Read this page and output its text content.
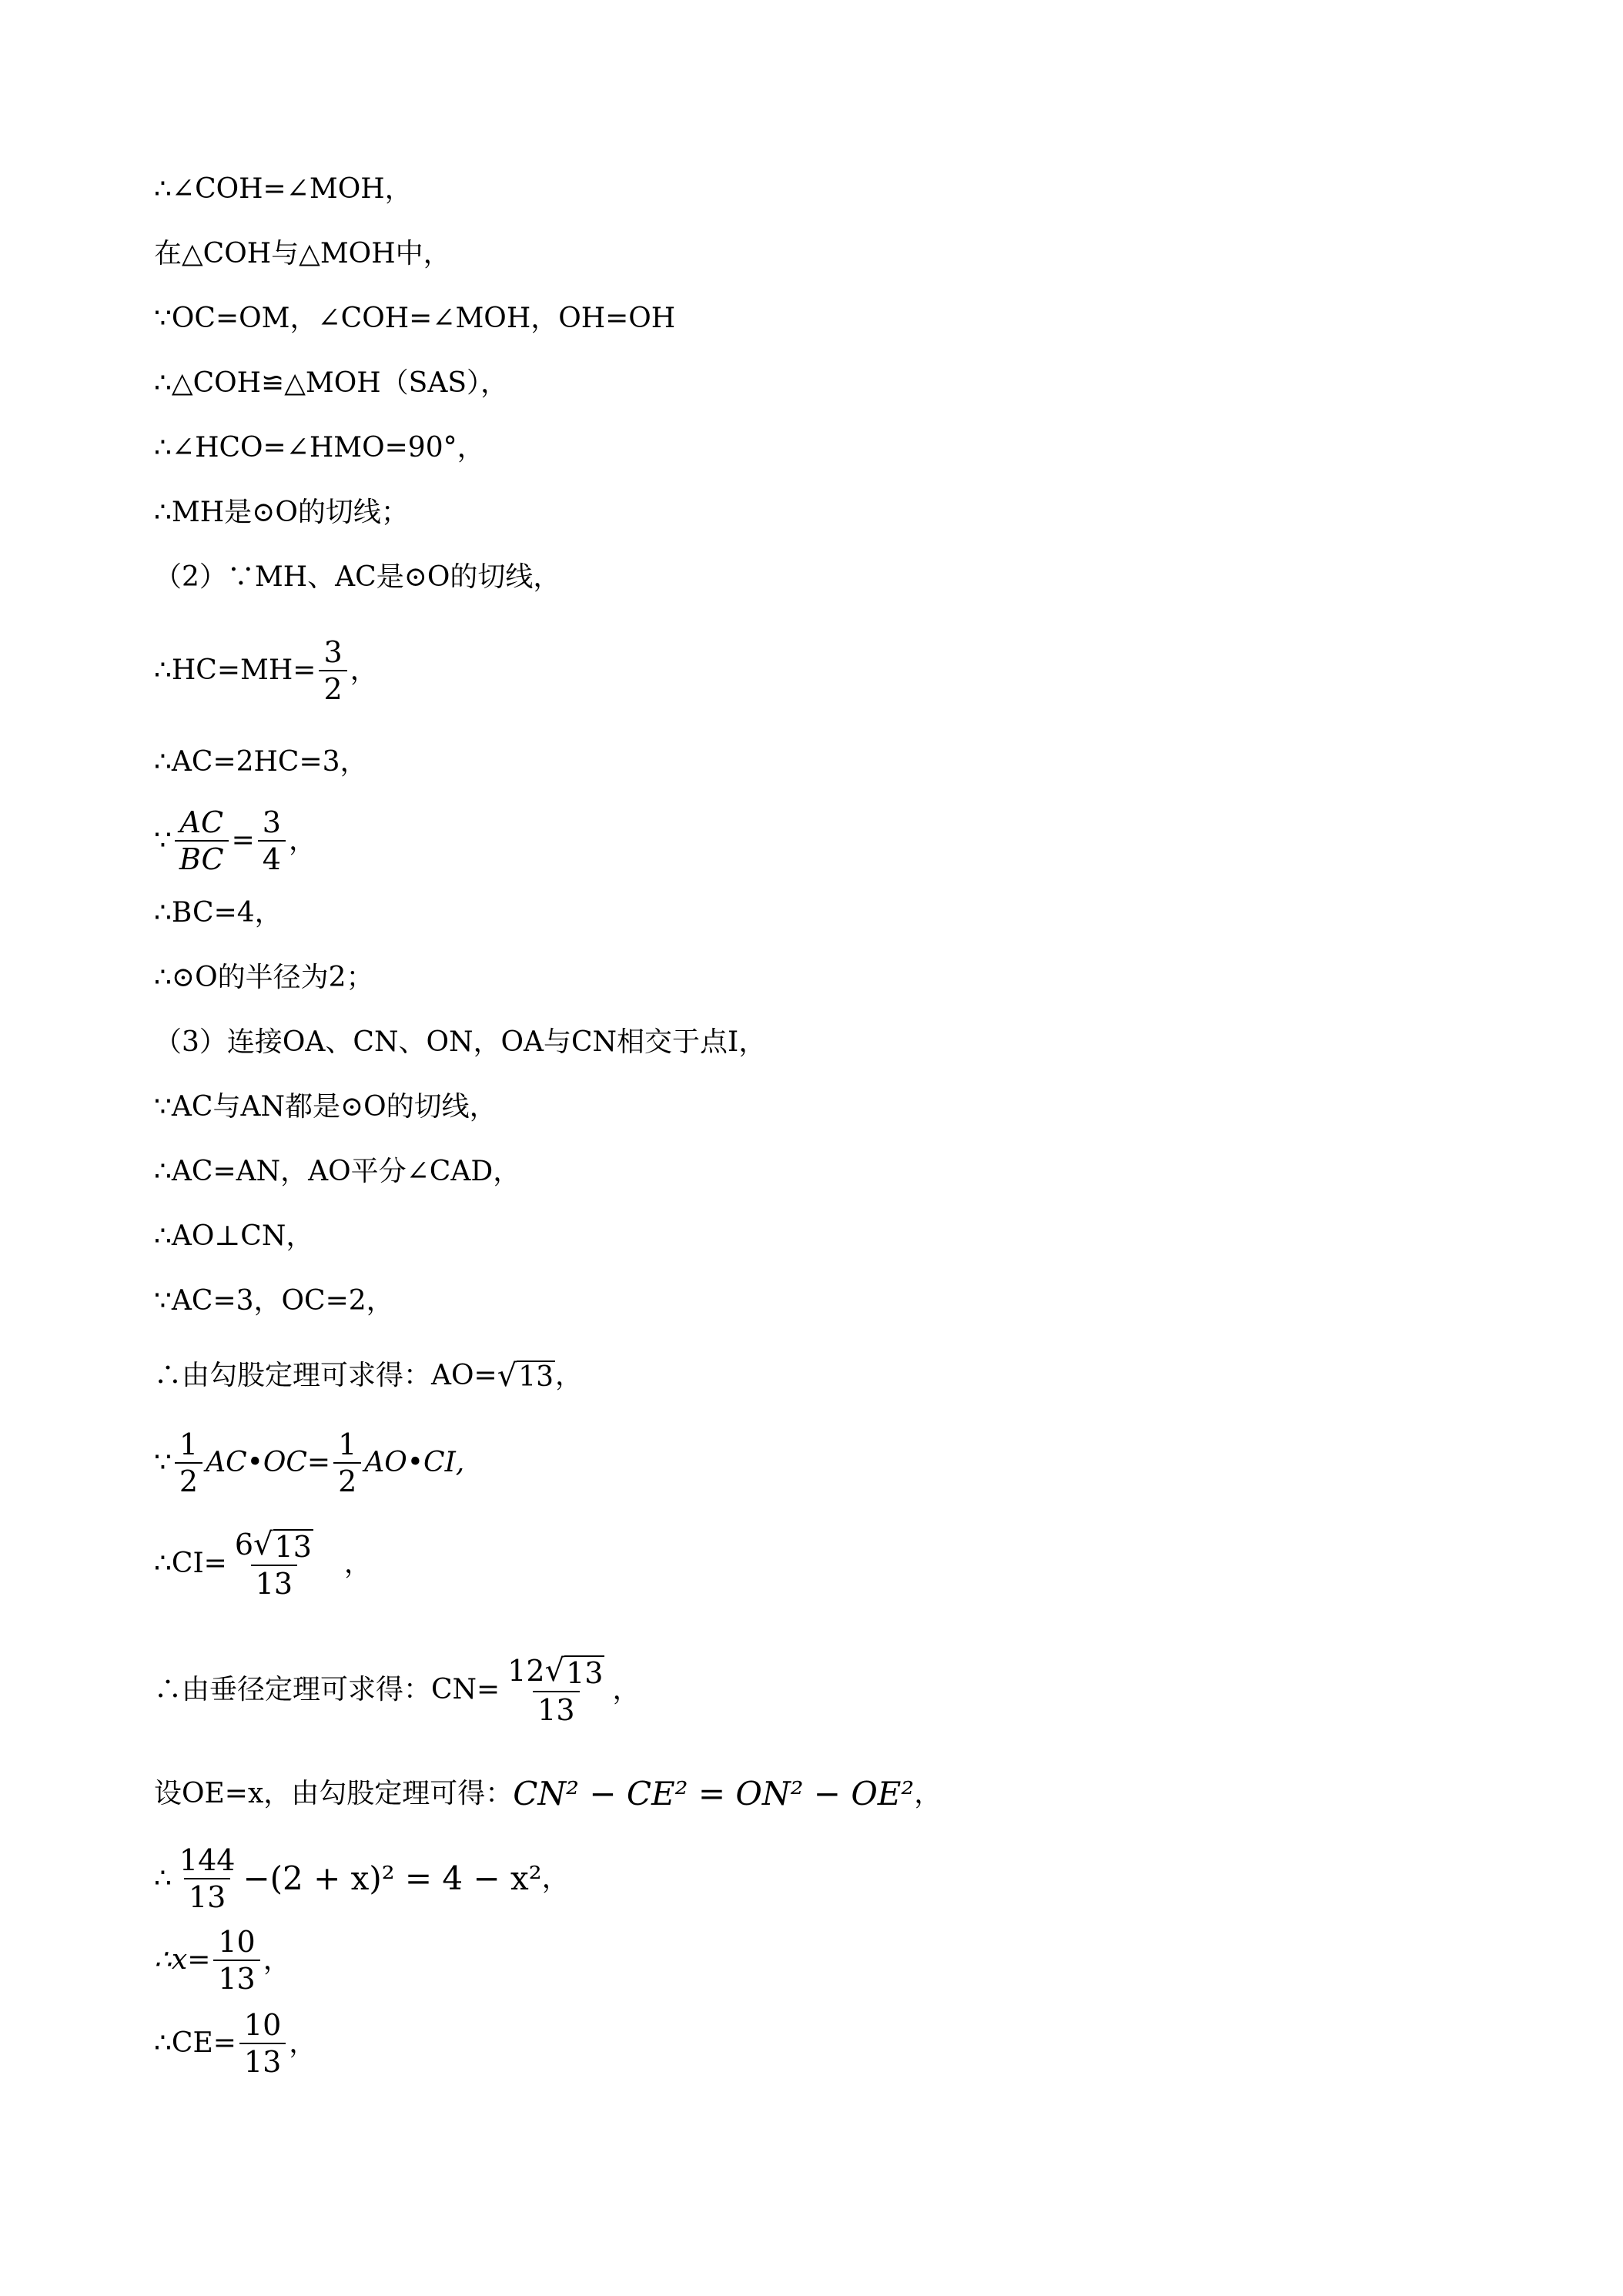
∴∠COH=∠MOH，
在△COH与△MOH中，
∵OC=OM，∠COH=∠MOH，OH=OH
∴△COH≌△MOH（SAS），
∴∠HCO=∠HMO=90°，
∴MH是⊙O的切线；
（2）∵MH、AC是⊙O的切线，
∴HC=MH= $\frac{3}{2}$ ，
∴AC=2HC=3，
∵ $\frac{AC}{BC} = \frac{3}{4}$ ，
∴BC=4，
∴⊙O的半径为2；
（3）连接OA、CN、ON，OA与CN相交于点I，
∵AC与AN都是⊙O的切线，
∴AC=AN，AO平分∠CAD，
∴AO⊥CN，
∵AC=3，OC=2，
∴由勾股定理可求得：AO= √ 13 ，
∵ $\frac{1}{2}$ AC•OC= $\frac{1}{2}$ AO•CI,
∴CI= $\frac{6 √ 13}{13}$ ，
∴由垂径定理可求得：$CN= \frac{12 √ 13}{13}$ ，
设OE=x，由勾股定理可得： CN² − CE² = ON² − OE² ，
∴ $\frac{144}{13} -(2 + x)^2 = 4 - x^2$ ，
∴x= $\frac{10}{13}$ ，
∴CE= $\frac{10}{13}$ ，
